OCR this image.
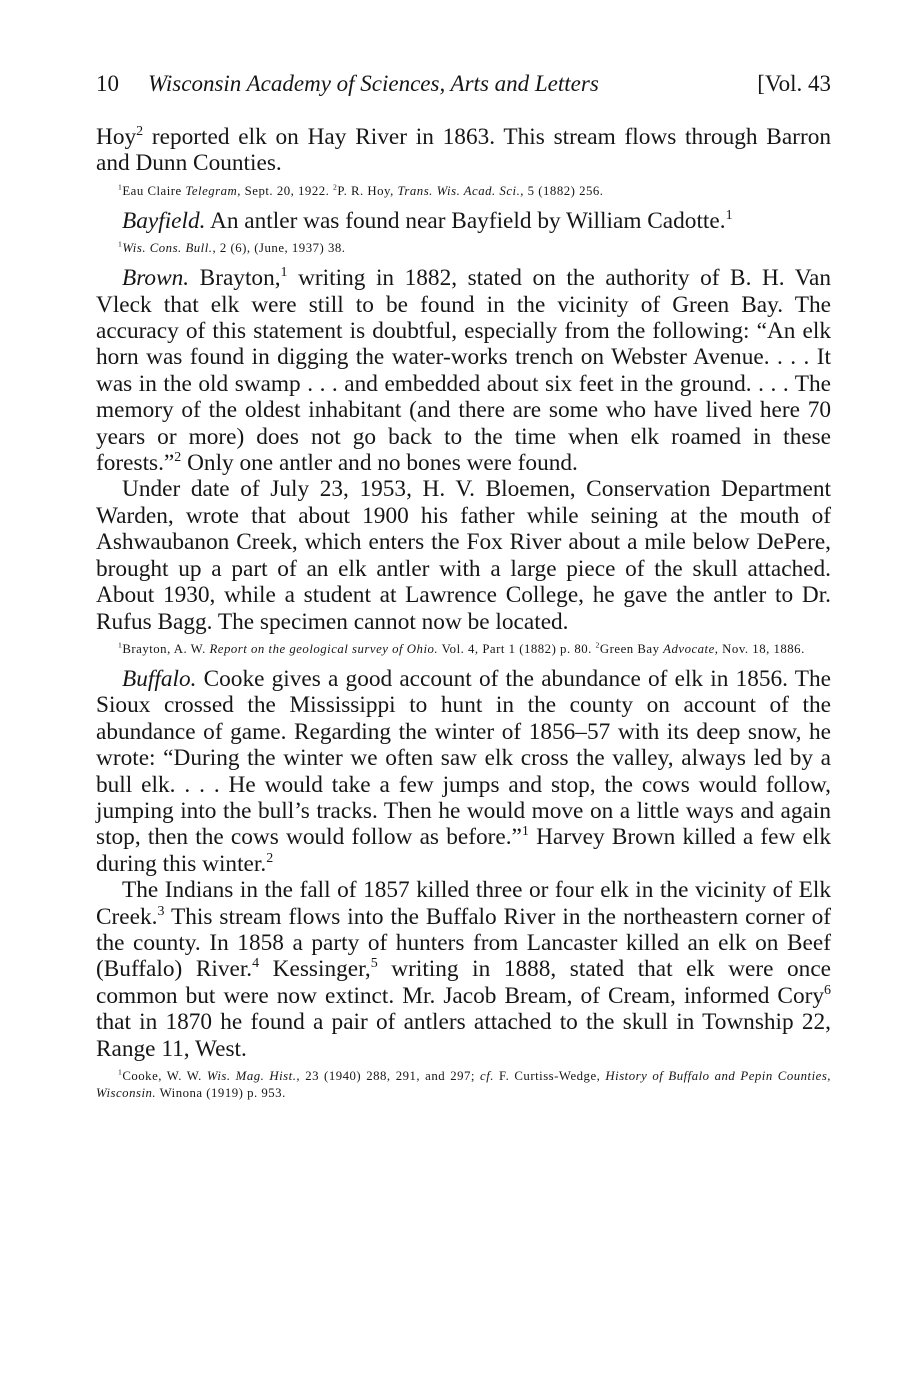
10 Wisconsin Academy of Sciences, Arts and Letters	[Vol. 43

Hoy$^2$ reported elk on Hay River in 1863. This stream flows through Barron and Dunn Counties.

$^1$Eau Claire Telegram, Sept. 20, 1922. $^2$P. R. Hoy, Trans. Wis. Acad. Sci., 5 (1882) 256.

Bayfield. An antler was found near Bayfield by William Cadotte.$^1$

$^1$Wis. Cons. Bull., 2 (6), (June, 1937) 38.

Brown. Brayton,$^1$ writing in 1882, stated on the authority of B. H. Van Vleck that elk were still to be found in the vicinity of Green Bay. The accuracy of this statement is doubtful, especially from the following: “An elk horn was found in digging the water-works trench on Webster Avenue. . . . It was in the old swamp . . . and embedded about six feet in the ground. . . . The memory of the oldest inhabitant (and there are some who have lived here 70 years or more) does not go back to the time when elk roamed in these forests.”$^2$ Only one antler and no bones were found.

Under date of July 23, 1953, H. V. Bloemen, Conservation Department Warden, wrote that about 1900 his father while seining at the mouth of Ashwaubanon Creek, which enters the Fox River about a mile below DePere, brought up a part of an elk antler with a large piece of the skull attached. About 1930, while a student at Lawrence College, he gave the antler to Dr. Rufus Bagg. The specimen cannot now be located.

$^1$Brayton, A. W. Report on the geological survey of Ohio. Vol. 4, Part 1 (1882) p. 80. $^2$Green Bay Advocate, Nov. 18, 1886.

Buffalo. Cooke gives a good account of the abundance of elk in 1856. The Sioux crossed the Mississippi to hunt in the county on account of the abundance of game. Regarding the winter of 1856–57 with its deep snow, he wrote: “During the winter we often saw elk cross the valley, always led by a bull elk. . . . He would take a few jumps and stop, the cows would follow, jumping into the bull’s tracks. Then he would move on a little ways and again stop, then the cows would follow as before.”$^1$ Harvey Brown killed a few elk during this winter.$^2$

The Indians in the fall of 1857 killed three or four elk in the vicinity of Elk Creek.$^3$ This stream flows into the Buffalo River in the northeastern corner of the county. In 1858 a party of hunters from Lancaster killed an elk on Beef (Buffalo) River.$^4$ Kessinger,$^5$ writing in 1888, stated that elk were once common but were now extinct. Mr. Jacob Bream, of Cream, informed Cory$^6$ that in 1870 he found a pair of antlers attached to the skull in Township 22, Range 11, West.

$^1$Cooke, W. W. Wis. Mag. Hist., 23 (1940) 288, 291, and 297; cf. F. Curtiss-Wedge, History of Buffalo and Pepin Counties, Wisconsin. Winona (1919) p. 953.
